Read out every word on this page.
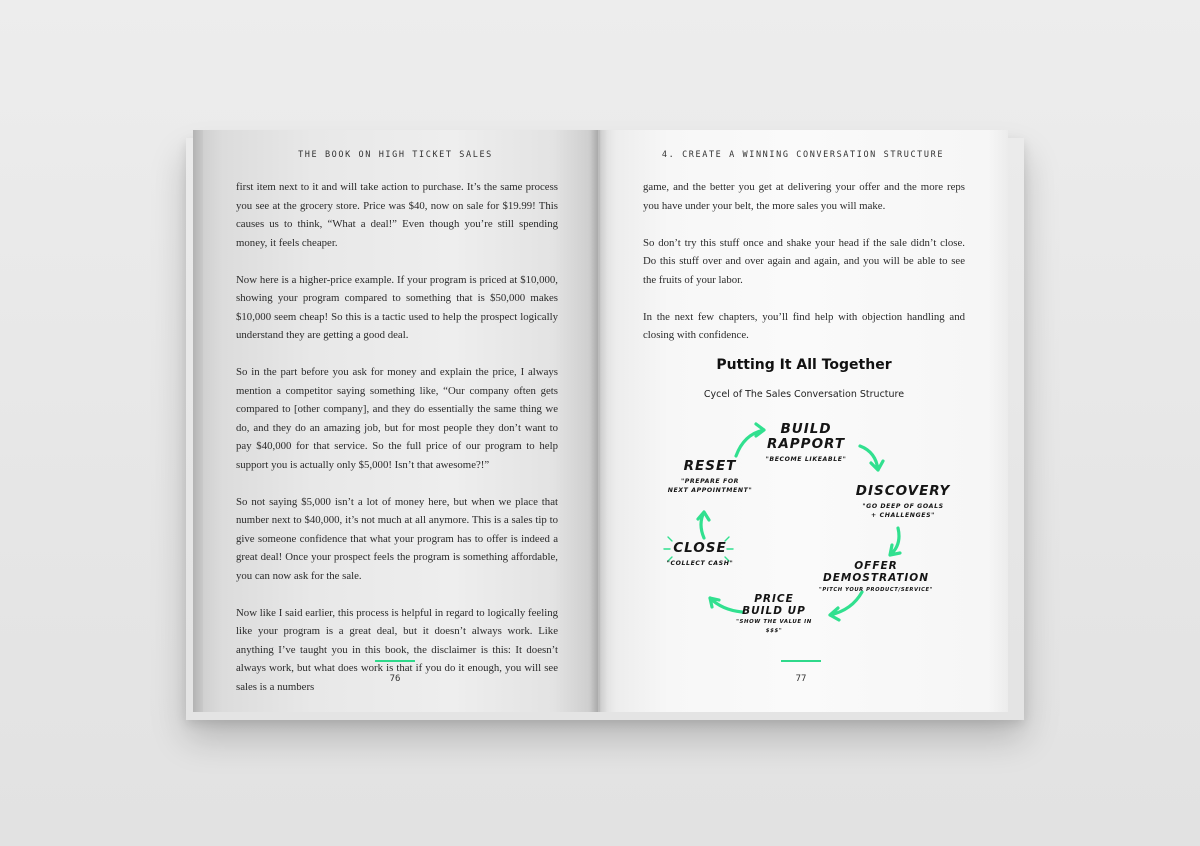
THE BOOK ON HIGH TICKET SALES

first item next to it and will take action to purchase. It’s the same process you see at the grocery store. Price was $40, now on sale for $19.99! This causes us to think, “What a deal!” Even though you’re still spending money, it feels cheaper.

Now here is a higher-price example. If your program is priced at $10,000, showing your program compared to something that is $50,000 makes $10,000 seem cheap! So this is a tactic used to help the prospect logically understand they are getting a good deal.

So in the part before you ask for money and explain the price, I always mention a competitor saying something like, “Our company often gets compared to [other company], and they do essentially the same thing we do, and they do an amazing job, but for most people they don’t want to pay $40,000 for that service. So the full price of our program to help support you is actually only $5,000! Isn’t that awesome?!”

So not saying $5,000 isn’t a lot of money here, but when we place that number next to $40,000, it’s not much at all anymore. This is a sales tip to give someone confidence that what your program has to offer is indeed a great deal! Once your prospect feels the program is something affordable, you can now ask for the sale.

Now like I said earlier, this process is helpful in regard to logically feeling like your program is a great deal, but it doesn’t always work. Like anything I’ve taught you in this book, the disclaimer is this: It doesn’t always work, but what does work is that if you do it enough, you will see sales is a numbers

76
4. CREATE A WINNING CONVERSATION STRUCTURE

game, and the better you get at delivering your offer and the more reps you have under your belt, the more sales you will make.

So don’t try this stuff once and shake your head if the sale didn’t close. Do this stuff over and over again and again, and you will be able to see the fruits of your labor.

In the next few chapters, you’ll find help with objection handling and closing with confidence.

Putting It All Together
Cycel of The Sales Conversation Structure
BUILD
RAPPORT
"BECOME LIKEABLE"
DISCOVERY
"GO DEEP OF GOALS
+ CHALLENGES"
OFFER
DEMOSTRATION
"PITCH YOUR PRODUCT/SERVICE"
PRICE
BUILD UP
"SHOW THE VALUE IN $$$"
CLOSE
"COLLECT CASH"
RESET
"PREPARE FOR
NEXT APPOINTMENT"
77
